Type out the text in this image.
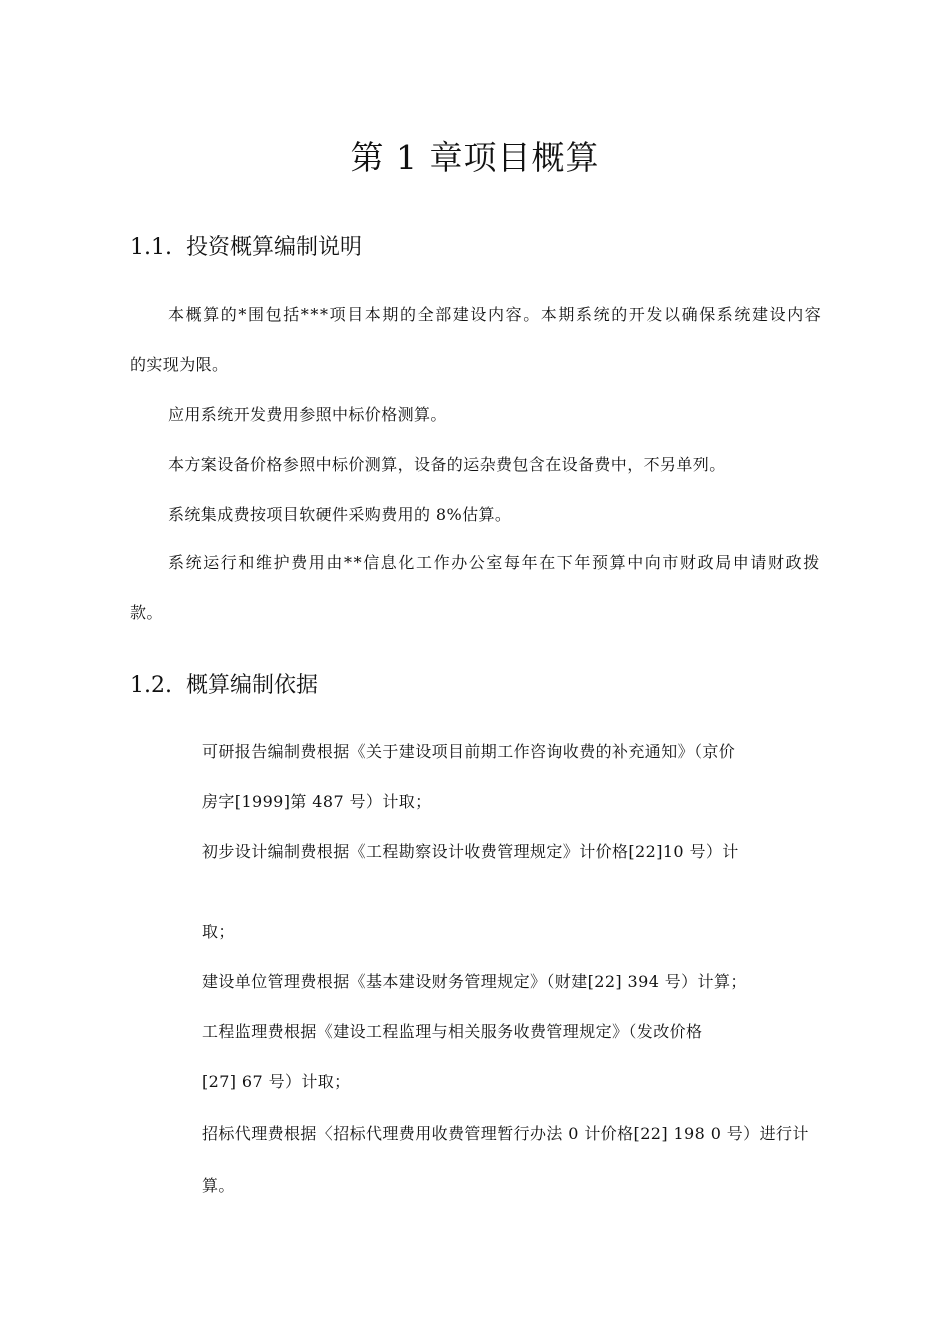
第 1 章项目概算
1.1. 投资概算编制说明
本概算的*围包括***项目本期的全部建设内容。本期系统的开发以确保系统建设内容
的实现为限。
应用系统开发费用参照中标价格测算。
本方案设备价格参照中标价测算，设备的运杂费包含在设备费中，不另单列。
系统集成费按项目软硬件采购费用的 8%估算。
系统运行和维护费用由**信息化工作办公室每年在下年预算中向市财政局申请财政拨
款。
1.2. 概算编制依据
可研报告编制费根据《关于建设项目前期工作咨询收费的补充通知》（京价
房字[1999]第 487 号）计取；
初步设计编制费根据《工程勘察设计收费管理规定》计价格[22]10 号）计
取；
建设单位管理费根据《基本建设财务管理规定》（财建[22] 394 号）计算；
工程监理费根据《建设工程监理与相关服务收费管理规定》（发改价格
[27] 67 号）计取；
招标代理费根据〈招标代理费用收费管理暂行办法 0 计价格[22] 198 0 号）进行计
算。
